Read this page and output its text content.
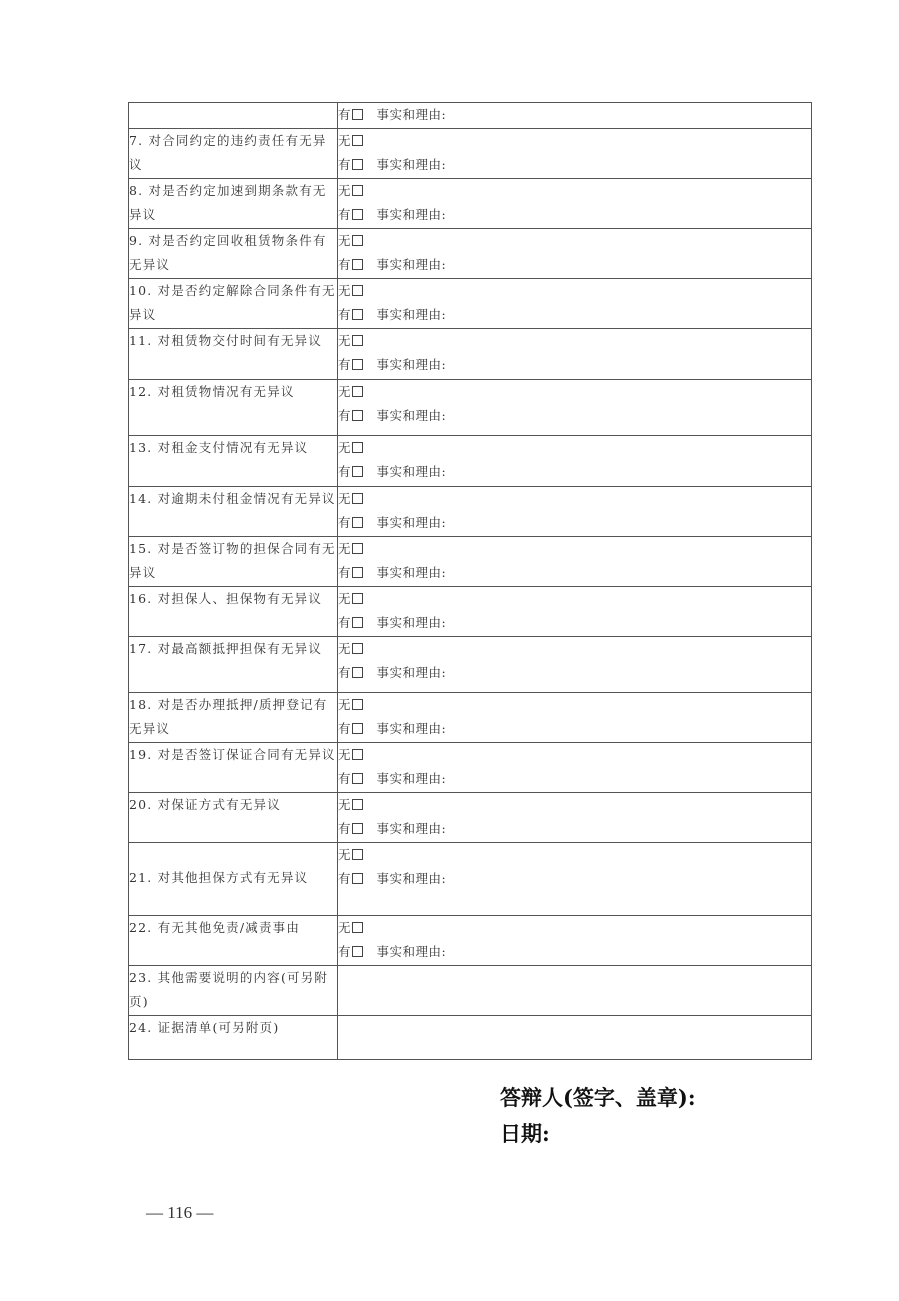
	有 事实和理由:

7. 对合同约定的违约责任有无异议	无
有 事实和理由:

8. 对是否约定加速到期条款有无异议	无
有 事实和理由:

9. 对是否约定回收租赁物条件有无异议	无
有 事实和理由:

10. 对是否约定解除合同条件有无异议	无
有 事实和理由:

11. 对租赁物交付时间有无异议	无
有 事实和理由:

12. 对租赁物情况有无异议	无
有 事实和理由:

13. 对租金支付情况有无异议	无
有 事实和理由:

14. 对逾期未付租金情况有无异议	无
有 事实和理由:

15. 对是否签订物的担保合同有无异议	无
有 事实和理由:

16. 对担保人、担保物有无异议	无
有 事实和理由:

17. 对最高额抵押担保有无异议	无
有 事实和理由:

18. 对是否办理抵押/质押登记有无异议	无
有 事实和理由:

19. 对是否签订保证合同有无异议	无
有 事实和理由:

20. 对保证方式有无异议	无
有 事实和理由:

21. 对其他担保方式有无异议	无
有 事实和理由:

22. 有无其他免责/减责事由	无
有 事实和理由:

23. 其他需要说明的内容(可另附页)	
24. 证据清单(可另附页)	
答辩人(签字、盖章):
日期:
— 116 —
